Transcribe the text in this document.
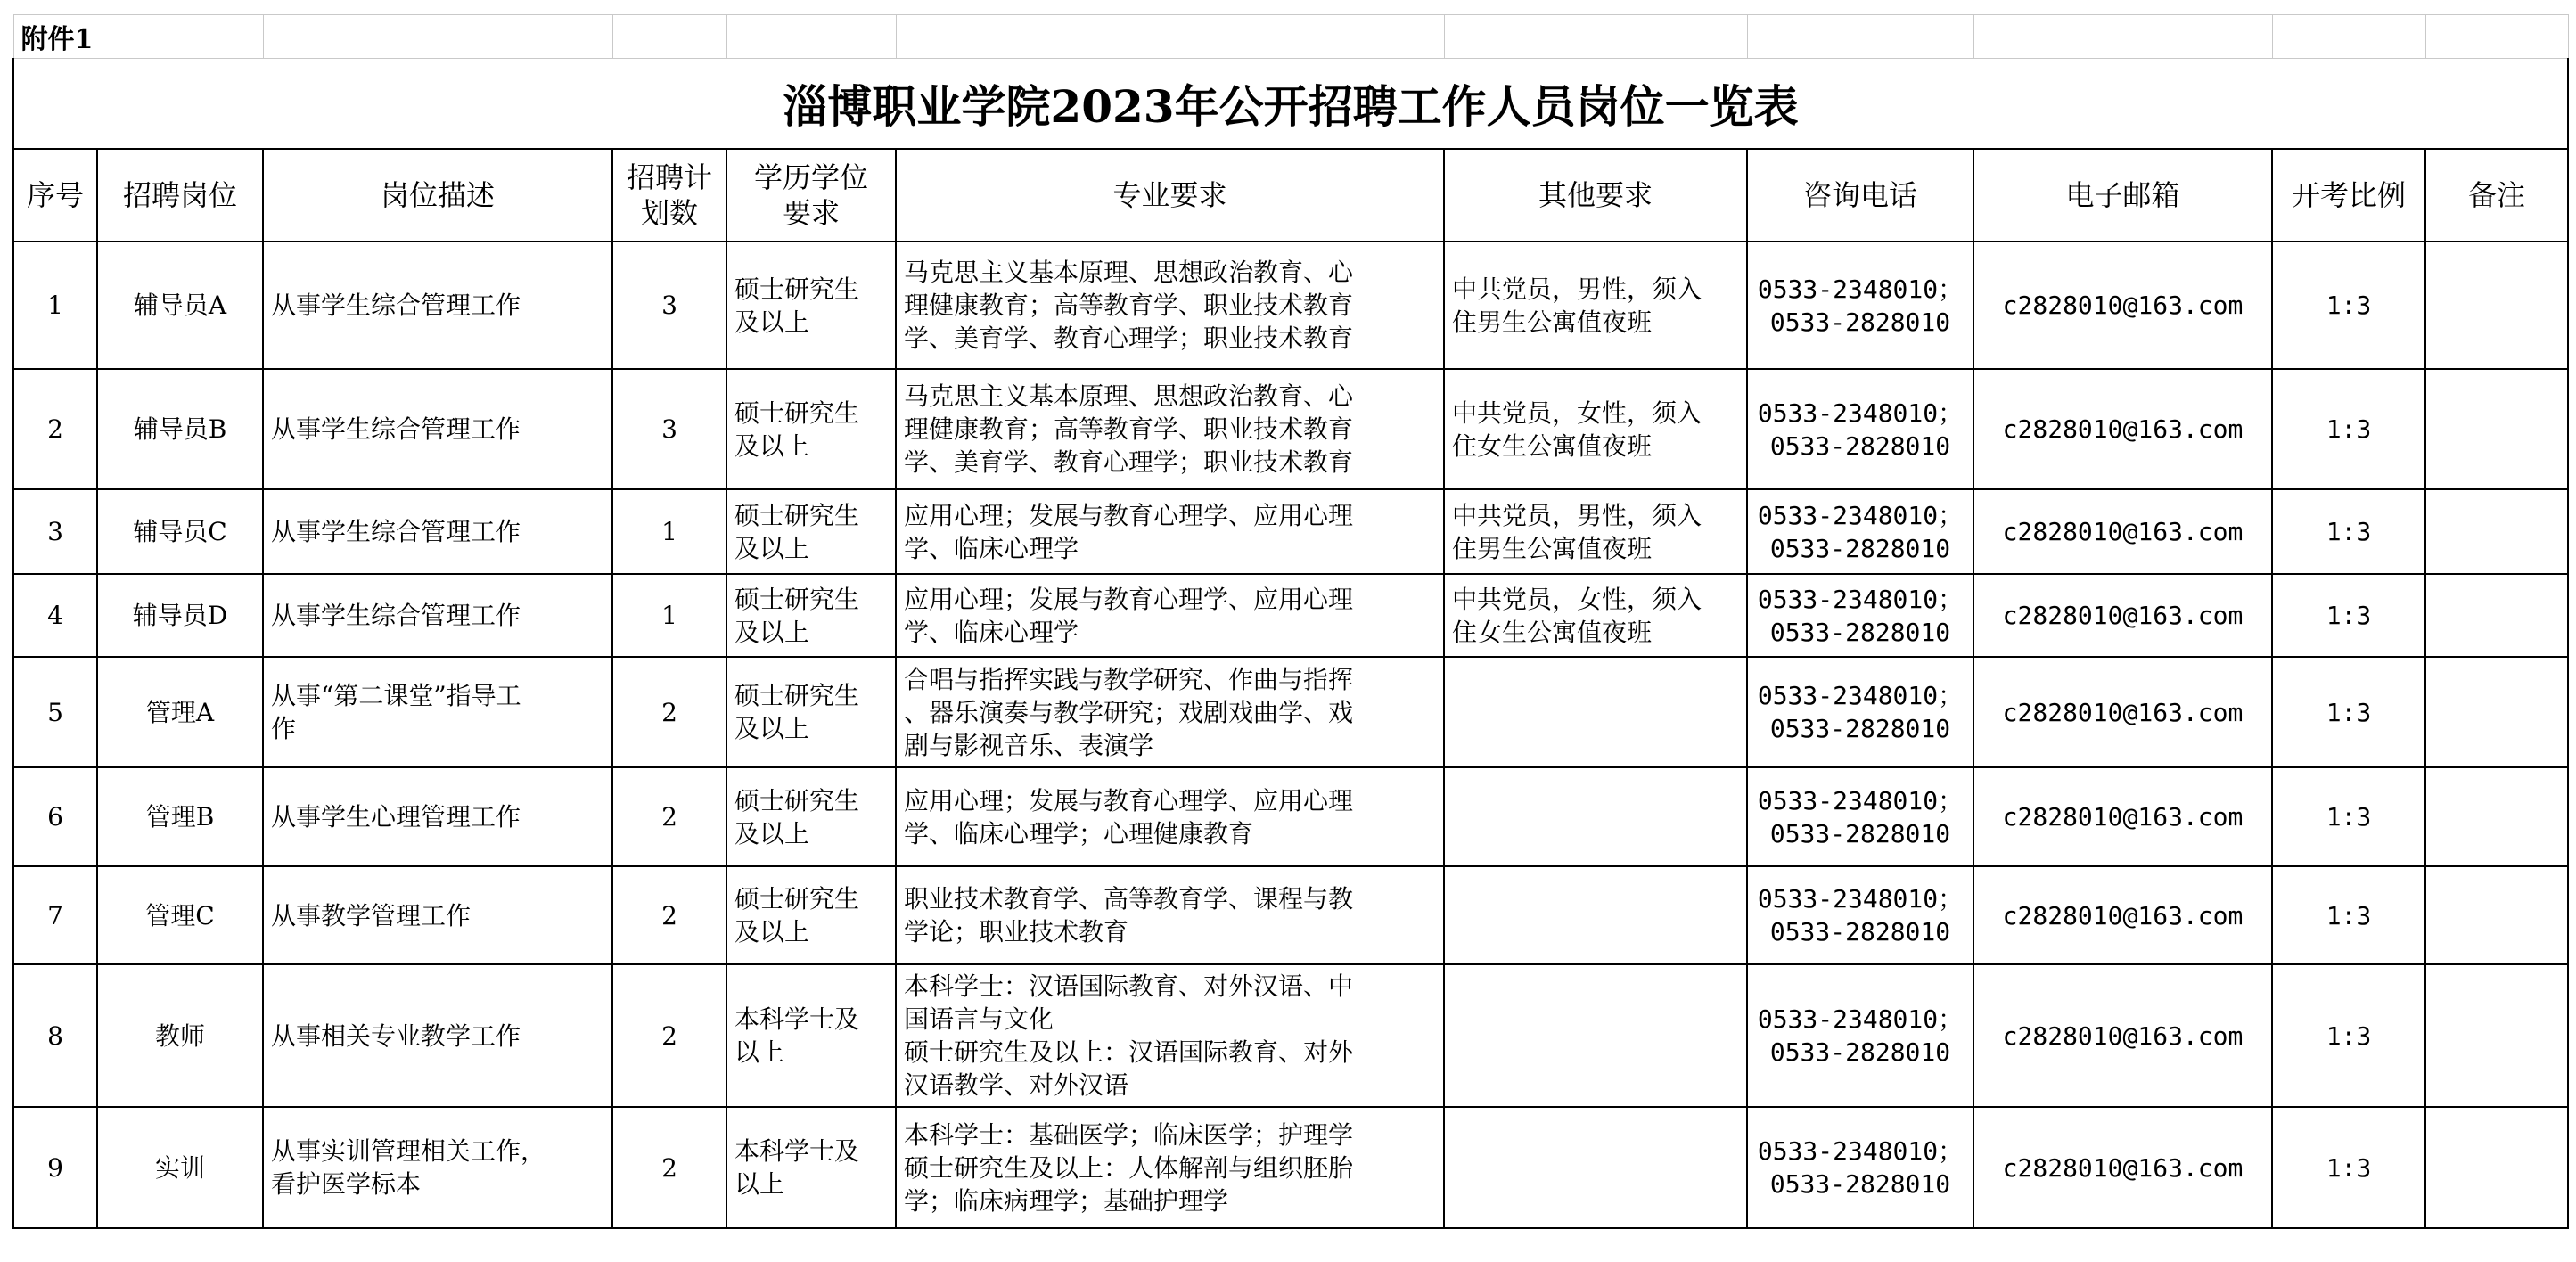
附件1										
淄博职业学院2023年公开招聘工作人员岗位一览表										
序号	招聘岗位	岗位描述	招聘计
划数	学历学位
要求	专业要求	其他要求	咨询电话	电子邮箱	开考比例	备注
1	辅导员A	从事学生综合管理工作	3	硕士研究生
及以上	马克思主义基本原理、思想政治教育、心
理健康教育；高等教育学、职业技术教育
学、美育学、教育心理学；职业技术教育	中共党员，男性，须入
住男生公寓值夜班	0533-2348010；
0533-2828010	c2828010@163.com	1:3	
2	辅导员B	从事学生综合管理工作	3	硕士研究生
及以上	马克思主义基本原理、思想政治教育、心
理健康教育；高等教育学、职业技术教育
学、美育学、教育心理学；职业技术教育	中共党员，女性，须入
住女生公寓值夜班	0533-2348010；
0533-2828010	c2828010@163.com	1:3	
3	辅导员C	从事学生综合管理工作	1	硕士研究生
及以上	应用心理；发展与教育心理学、应用心理
学、临床心理学	中共党员，男性，须入
住男生公寓值夜班	0533-2348010；
0533-2828010	c2828010@163.com	1:3	
4	辅导员D	从事学生综合管理工作	1	硕士研究生
及以上	应用心理；发展与教育心理学、应用心理
学、临床心理学	中共党员，女性，须入
住女生公寓值夜班	0533-2348010；
0533-2828010	c2828010@163.com	1:3	
5	管理A	从事“第二课堂”指导工
作	2	硕士研究生
及以上	合唱与指挥实践与教学研究、作曲与指挥
、器乐演奏与教学研究；戏剧戏曲学、戏
剧与影视音乐、表演学		0533-2348010；
0533-2828010	c2828010@163.com	1:3	
6	管理B	从事学生心理管理工作	2	硕士研究生
及以上	应用心理；发展与教育心理学、应用心理
学、临床心理学；心理健康教育		0533-2348010；
0533-2828010	c2828010@163.com	1:3	
7	管理C	从事教学管理工作	2	硕士研究生
及以上	职业技术教育学、高等教育学、课程与教
学论；职业技术教育		0533-2348010；
0533-2828010	c2828010@163.com	1:3	
8	教师	从事相关专业教学工作	2	本科学士及
以上	本科学士：汉语国际教育、对外汉语、中
国语言与文化
硕士研究生及以上：汉语国际教育、对外
汉语教学、对外汉语		0533-2348010；
0533-2828010	c2828010@163.com	1:3	
9	实训	从事实训管理相关工作，
看护医学标本	2	本科学士及
以上	本科学士：基础医学；临床医学；护理学
硕士研究生及以上：人体解剖与组织胚胎
学；临床病理学；基础护理学		0533-2348010；
0533-2828010	c2828010@163.com	1:3	
